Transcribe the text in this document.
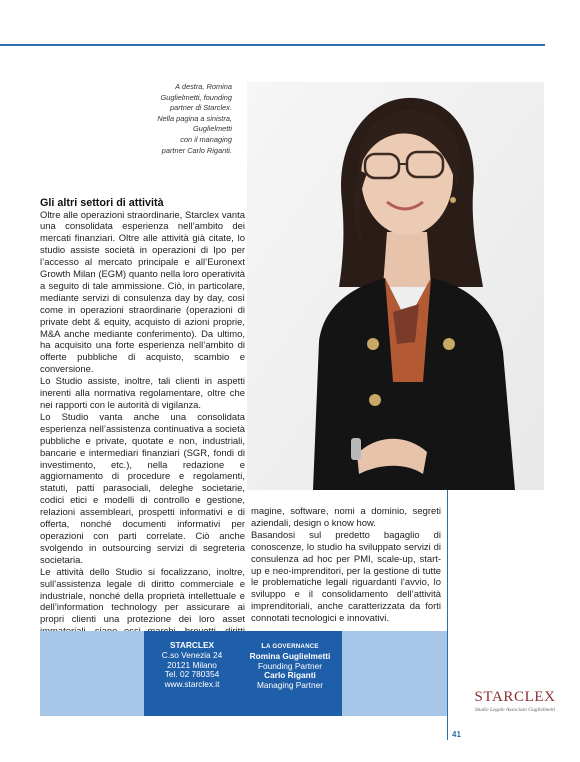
A destra, Romina
Guglielmetti, founding
partner di Starclex.
Nella pagina a sinistra,
Guglielmetti
con il managing
partner Carlo Riganti.
Gli altri settori di attività

Oltre alle operazioni straordinarie, Starclex vanta una consolidata esperienza nell’ambito dei mercati finanziari. Oltre alle attività già citate, lo studio assiste società in operazioni di Ipo per l’accesso al mercato principale e all’Euronext Growth Milan (EGM) quanto nella loro operatività a seguito di tale ammissione. Ciò, in particolare, mediante servizi di consulenza day by day, così come in operazioni straordinarie (operazioni di private debt & equity, acquisto di azioni proprie, M&A anche mediante conferimento). Da ultimo, ha acquisito una forte esperienza nell’ambito di offerte pubbliche di acquisto, scambio e conversione.

Lo Studio assiste, inoltre, tali clienti in aspetti inerenti alla normativa regolamentare, oltre che nei rapporti con le autorità di vigilanza.

Lo Studio vanta anche una consolidata esperienza nell’assistenza continuativa a società pubbliche e private, quotate e non, industriali, bancarie e intermediari finanziari (SGR, fondi di investimento, etc.), nella redazione e aggiornamento di procedure e regolamenti, statuti, patti parasociali, deleghe societarie, codici etici e modelli di controllo e gestione, relazioni assembleari, prospetti informativi e di offerta, nonché documenti informativi per operazioni con parti correlate. Ciò anche svolgendo in outsourcing servizi di segreteria societaria.

Le attività dello Studio si focalizzano, inoltre, sull’assistenza legale di diritto commerciale e industriale, nonché della proprietà intellettuale e dell’information technology per assicurare ai propri clienti una protezione dei loro asset

magine, software, nomi a dominio, segreti aziendali, design o know how.

Basandosi sul predetto bagaglio di conoscenze, lo studio ha sviluppato servizi di consulenza ad hoc per PMI, scale-up, start-up e neo-imprenditori, per la gestione di tutte le problematiche legali riguardanti l’avvio, lo sviluppo e il consolidamento dell’attività imprenditoriali, anche caratterizzata da forti connotati tecnologici e innovativi.

STARCLEX
C.so Venezia 24
20121 Milano
Tel. 02 780354
www.starclex.it
LA GOVERNANCE
Romina Guglielmetti
Founding Partner
Carlo Riganti
Managing Partner
STARCLEX
Studio Legale Associato Guglielmetti
41
